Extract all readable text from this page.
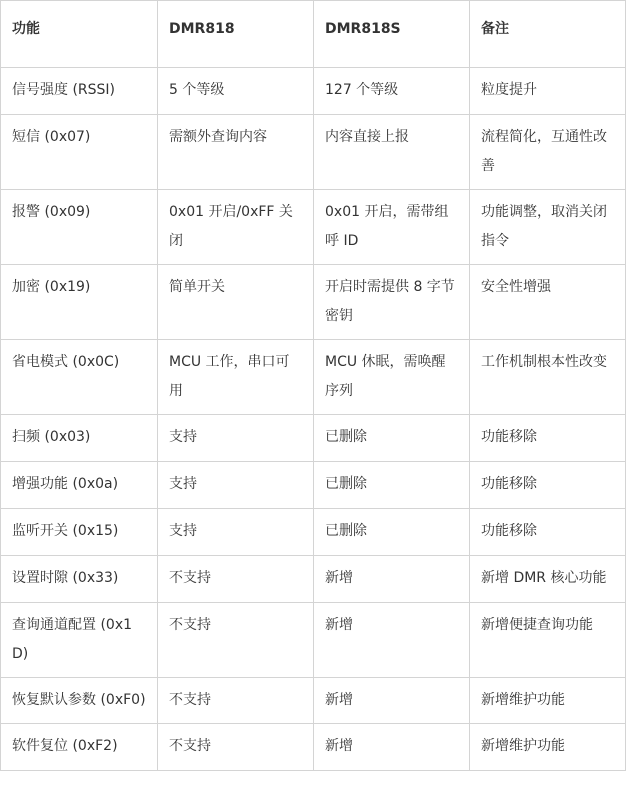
功能	DMR818	DMR818S	备注
信号强度 (RSSI)	5 个等级	127 个等级	粒度提升
短信 (0x07)	需额外查询内容	内容直接上报	流程简化，互通性改善
报警 (0x09)	0x01 开启/0xFF 关闭	0x01 开启，需带组呼 ID	功能调整，取消关闭指令
加密 (0x19)	简单开关	开启时需提供 8 字节密钥	安全性增强
省电模式 (0x0C)	MCU 工作，串口可用	MCU 休眠，需唤醒序列	工作机制根本性改变
扫频 (0x03)	支持	已删除	功能移除
增强功能 (0x0a)	支持	已删除	功能移除
监听开关 (0x15)	支持	已删除	功能移除
设置时隙 (0x33)	不支持	新增	新增 DMR 核心功能
查询通道配置 (0x1D)	不支持	新增	新增便捷查询功能
恢复默认参数 (0xF0)	不支持	新增	新增维护功能
软件复位 (0xF2)	不支持	新增	新增维护功能
